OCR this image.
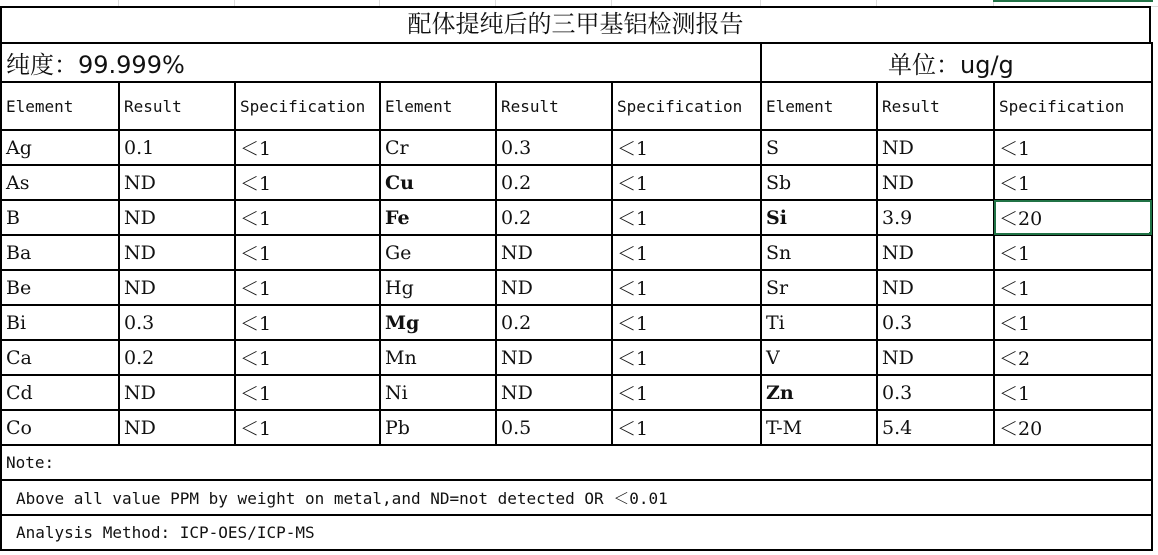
配体提纯后的三甲基铝检测报告
纯度：99.999%						单位：ug/g		
Element	Result	Specification	Element	Result	Specification	Element	Result	Specification
Ag	0.1	＜1	Cr	0.3	＜1	S	ND	＜1
As	ND	＜1	Cu	0.2	＜1	Sb	ND	＜1
B	ND	＜1	Fe	0.2	＜1	Si	3.9	＜20
Ba	ND	＜1	Ge	ND	＜1	Sn	ND	＜1
Be	ND	＜1	Hg	ND	＜1	Sr	ND	＜1
Bi	0.3	＜1	Mg	0.2	＜1	Ti	0.3	＜1
Ca	0.2	＜1	Mn	ND	＜1	V	ND	＜2
Cd	ND	＜1	Ni	ND	＜1	Zn	0.3	＜1
Co	ND	＜1	Pb	0.5	＜1	T-M	5.4	＜20
Note:								
Above all value PPM by weight on metal,and ND=not detected OR ＜0.01								
Analysis Method: ICP-OES/ICP-MS								
